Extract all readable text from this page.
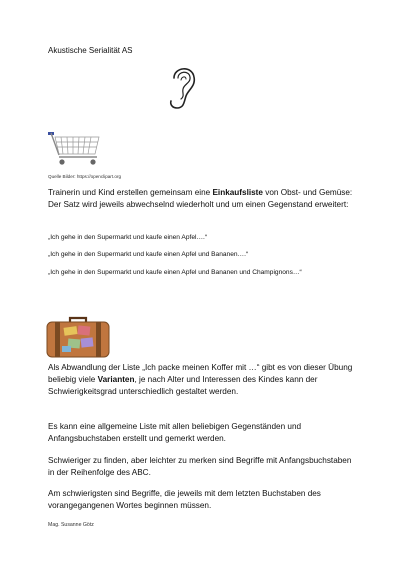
Akustische Serialität AS
Quelle Bilder: https://openclipart.org

Trainerin und Kind erstellen gemeinsam eine Einkaufsliste von Obst- und Gemüse: Der Satz wird jeweils abwechselnd wiederholt und um einen Gegenstand erweitert:

„Ich gehe in den Supermarkt und kaufe einen Apfel….“

„Ich gehe in den Supermarkt und kaufe einen Apfel und Bananen….“

„Ich gehe in den Supermarkt und kaufe einen Apfel und Bananen und Champignons…“

Als Abwandlung der Liste „Ich packe meinen Koffer mit …“ gibt es von dieser Übung beliebig viele Varianten, je nach Alter und Interessen des Kindes kann der Schwierigkeitsgrad unterschiedlich gestaltet werden.

Es kann eine allgemeine Liste mit allen beliebigen Gegenständen und Anfangsbuchstaben erstellt und gemerkt werden.

Schwieriger zu finden, aber leichter zu merken sind Begriffe mit Anfangsbuchstaben in der Reihenfolge des ABC.

Am schwierigsten sind Begriffe, die jeweils mit dem letzten Buchstaben des vorangegangenen Wortes beginnen müssen.

Mag. Susanne Götz
